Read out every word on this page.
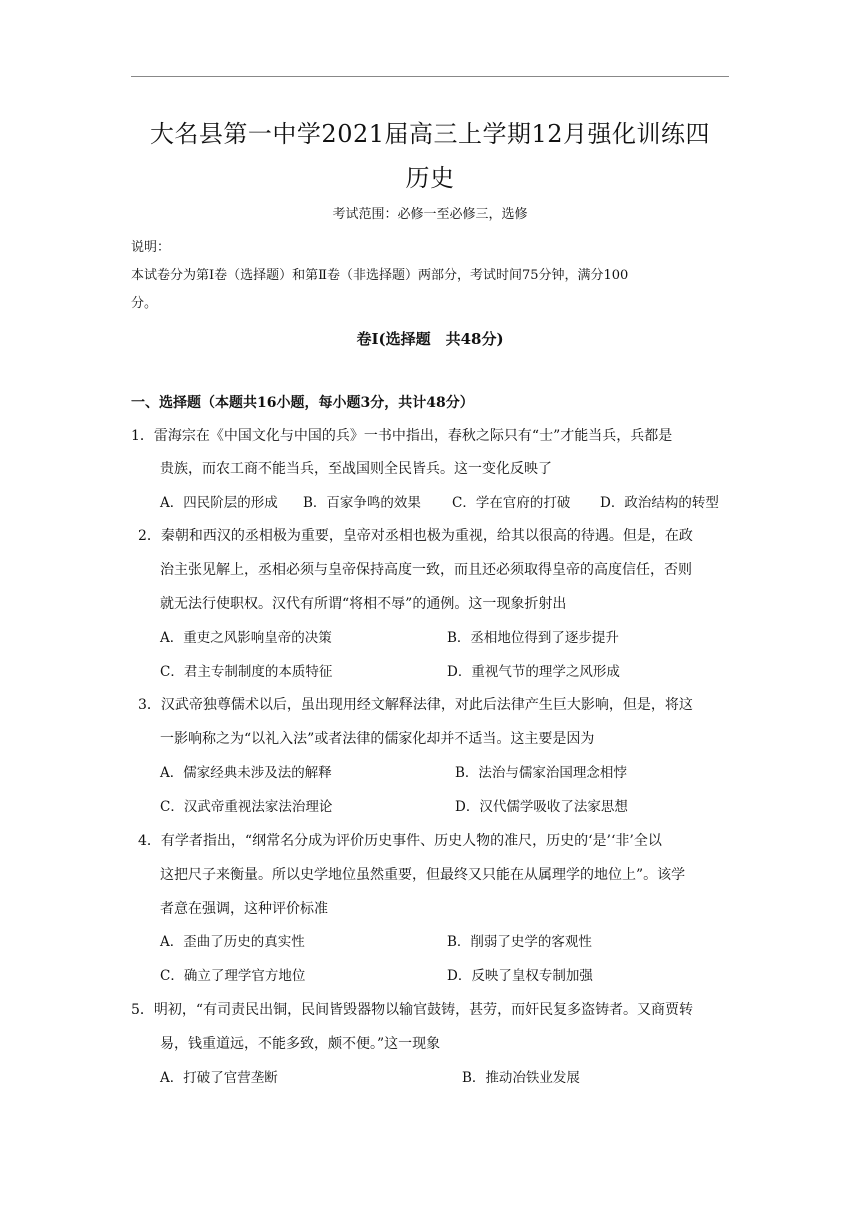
大名县第一中学2021届高三上学期12月强化训练四
历史
考试范围：必修一至必修三，选修
说明：
本试卷分为第Ⅰ卷（选择题）和第Ⅱ卷（非选择题）两部分，考试时间75分钟，满分100
分。
卷Ⅰ(选择题　共48分)
一、选择题（本题共16小题，每小题3分，共计48分）
1．雷海宗在《中国文化与中国的兵》一书中指出，春秋之际只有“士”才能当兵，兵都是
贵族，而农工商不能当兵，至战国则全民皆兵。这一变化反映了
A．四民阶层的形成 B．百家争鸣的效果 C．学在官府的打破 D．政治结构的转型
2．秦朝和西汉的丞相极为重要，皇帝对丞相也极为重视，给其以很高的待遇。但是，在政
治主张见解上，丞相必须与皇帝保持高度一致，而且还必须取得皇帝的高度信任，否则
就无法行使职权。汉代有所谓“将相不辱”的通例。这一现象折射出
A．重吏之风影响皇帝的决策	B．丞相地位得到了逐步提升
C．君主专制制度的本质特征	D．重视气节的理学之风形成
3．汉武帝独尊儒术以后，虽出现用经文解释法律，对此后法律产生巨大影响，但是，将这
一影响称之为“以礼入法”或者法律的儒家化却并不适当。这主要是因为
A．儒家经典未涉及法的解释	B．法治与儒家治国理念相悖
C．汉武帝重视法家法治理论	D．汉代儒学吸收了法家思想
4．有学者指出，“纲常名分成为评价历史事件、历史人物的准尺，历史的‘是’‘非’全以
这把尺子来衡量。所以史学地位虽然重要，但最终又只能在从属理学的地位上”。该学
者意在强调，这种评价标准
A．歪曲了历史的真实性	B．削弱了史学的客观性
C．确立了理学官方地位	D．反映了皇权专制加强
5．明初，“有司责民出铜，民间皆毁器物以输官鼓铸，甚劳，而奸民复多盗铸者。又商贾转
易，钱重道远，不能多致，颇不便。”这一现象
A．打破了官营垄断	B．推动冶铁业发展
